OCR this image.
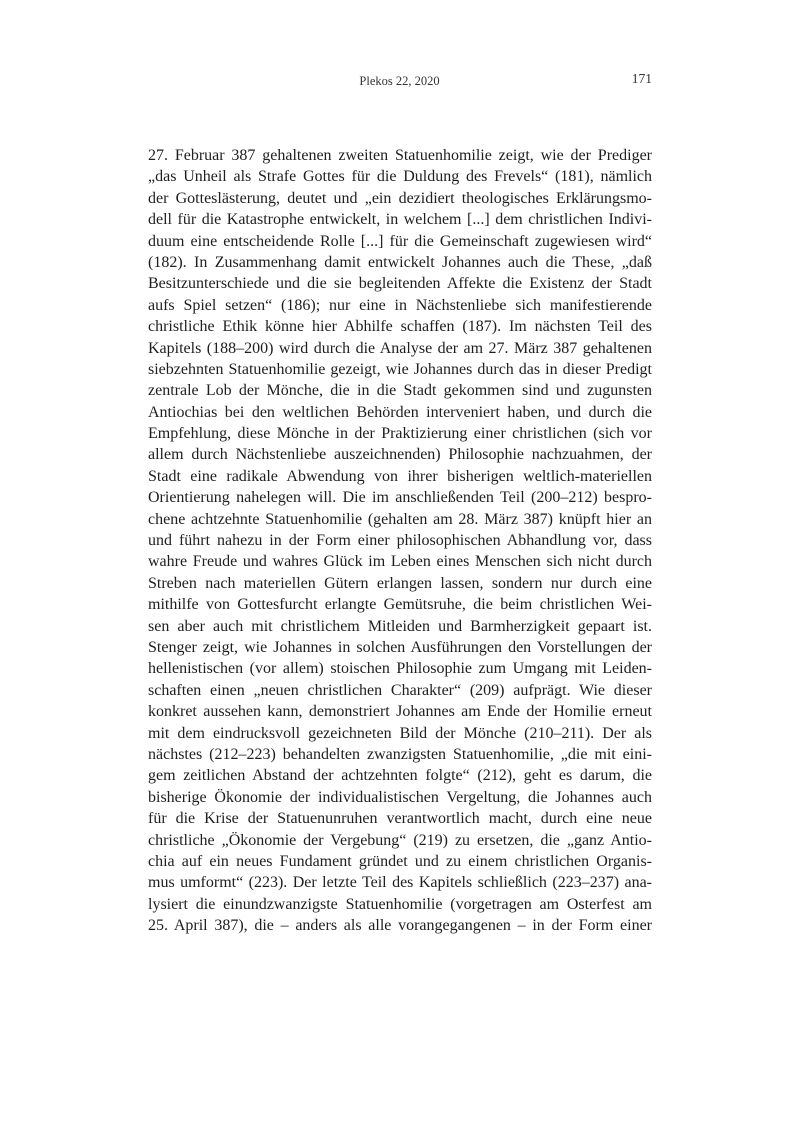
Plekos 22, 2020	171
27. Februar 387 gehaltenen zweiten Statuenhomilie zeigt, wie der Prediger
„das Unheil als Strafe Gottes für die Duldung des Frevels“ (181), nämlich
der Gotteslästerung, deutet und „ein dezidiert theologisches Erklärungsmo-
dell für die Katastrophe entwickelt, in welchem [...] dem christlichen Indivi-
duum eine entscheidende Rolle [...] für die Gemeinschaft zugewiesen wird“
(182). In Zusammenhang damit entwickelt Johannes auch die These, „daß
Besitzunterschiede und die sie begleitenden Affekte die Existenz der Stadt
aufs Spiel setzen“ (186); nur eine in Nächstenliebe sich manifestierende
christliche Ethik könne hier Abhilfe schaffen (187). Im nächsten Teil des
Kapitels (188–200) wird durch die Analyse der am 27. März 387 gehaltenen
siebzehnten Statuenhomilie gezeigt, wie Johannes durch das in dieser Predigt
zentrale Lob der Mönche, die in die Stadt gekommen sind und zugunsten
Antiochias bei den weltlichen Behörden interveniert haben, und durch die
Empfehlung, diese Mönche in der Praktizierung einer christlichen (sich vor
allem durch Nächstenliebe auszeichnenden) Philosophie nachzuahmen, der
Stadt eine radikale Abwendung von ihrer bisherigen weltlich-materiellen
Orientierung nahelegen will. Die im anschließenden Teil (200–212) bespro-
chene achtzehnte Statuenhomilie (gehalten am 28. März 387) knüpft hier an
und führt nahezu in der Form einer philosophischen Abhandlung vor, dass
wahre Freude und wahres Glück im Leben eines Menschen sich nicht durch
Streben nach materiellen Gütern erlangen lassen, sondern nur durch eine
mithilfe von Gottesfurcht erlangte Gemütsruhe, die beim christlichen Wei-
sen aber auch mit christlichem Mitleiden und Barmherzigkeit gepaart ist.
Stenger zeigt, wie Johannes in solchen Ausführungen den Vorstellungen der
hellenistischen (vor allem) stoischen Philosophie zum Umgang mit Leiden-
schaften einen „neuen christlichen Charakter“ (209) aufprägt. Wie dieser
konkret aussehen kann, demonstriert Johannes am Ende der Homilie erneut
mit dem eindrucksvoll gezeichneten Bild der Mönche (210–211). Der als
nächstes (212–223) behandelten zwanzigsten Statuenhomilie, „die mit eini-
gem zeitlichen Abstand der achtzehnten folgte“ (212), geht es darum, die
bisherige Ökonomie der individualistischen Vergeltung, die Johannes auch
für die Krise der Statuenunruhen verantwortlich macht, durch eine neue
christliche „Ökonomie der Vergebung“ (219) zu ersetzen, die „ganz Antio-
chia auf ein neues Fundament gründet und zu einem christlichen Organis-
mus umformt“ (223). Der letzte Teil des Kapitels schließlich (223–237) ana-
lysiert die einundzwanzigste Statuenhomilie (vorgetragen am Osterfest am
25. April 387), die – anders als alle vorangegangenen – in der Form einer
